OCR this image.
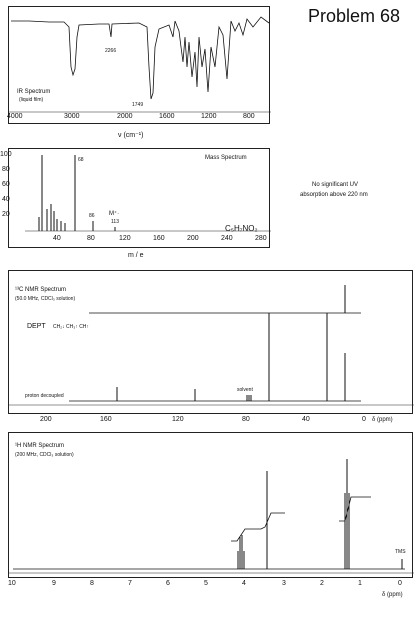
Problem 68
2266
1749
IR Spectrum
(liquid film)
4000	3000	2000	1600	1200	800
ν (cm⁻¹)
Mass Spectrum
68
86 M⁺·
113
C₅H₇NO₂
40	80	120	160	200	240	280
100
80
60
40
20
m / e
No significant UV
absorption above 220 nm
¹³C NMR Spectrum
(50.0 MHz, CDCl₃ solution)
DEPT CH₂↓ CH₃↑ CH↑
proton decoupled
solvent
200	160	120	80	40	0 δ (ppm)
¹H NMR Spectrum
(200 MHz, CDCl₃ solution)
TMS
10	9	8	7	6	5	4	3	2	1	0
δ (ppm)
